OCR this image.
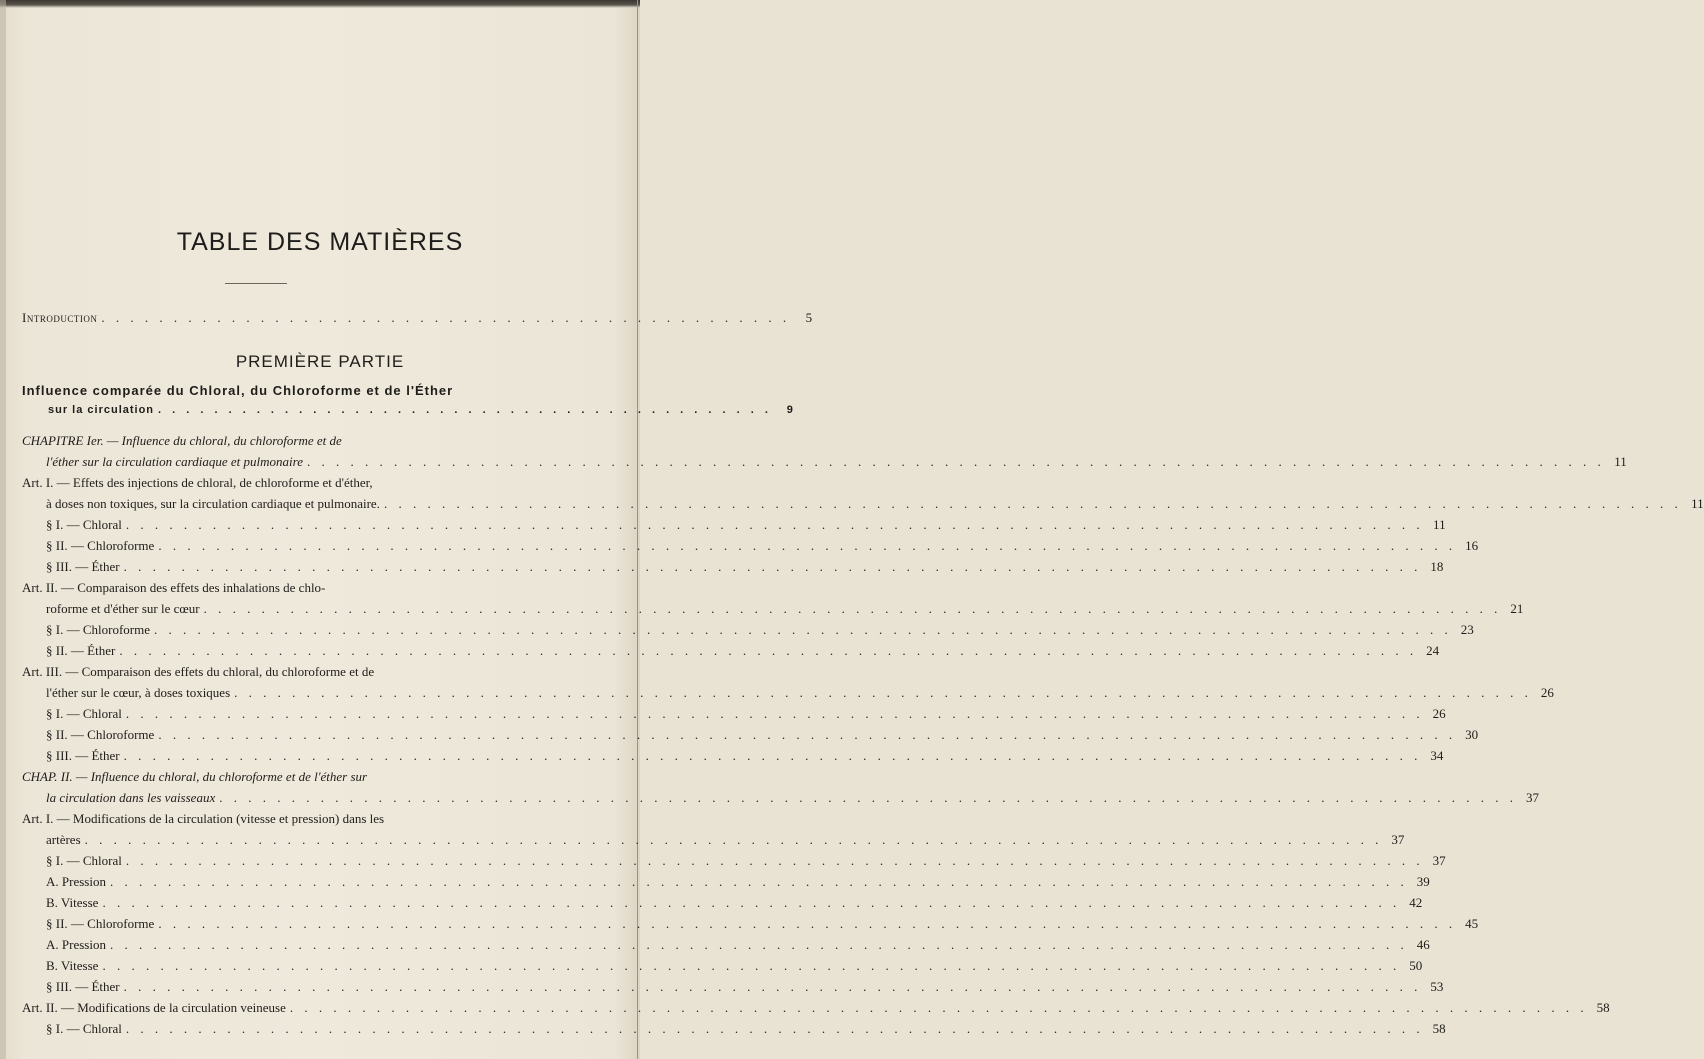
TABLE DES MATIÈRES
Introduction . . . . . . . . . . . . . . . . . . . . . . . . . . . . . . . . . . . . . . . . . . . . . . . .	5
PREMIÈRE PARTIE
Influence comparée du Chloral, du Chloroforme et de l'Éther
sur la circulation . . . . . . . . . . . . . . . . . . . . . . . . . . . . . . . . . . . . . . . . . . . .	9
CHAPITRE Ier. — Influence du chloral, du chloroforme et de
l'éther sur la circulation cardiaque et pulmonaire . . . . . . . . . . . . . . . . . . . . . . . . . . . . . . . . . . . . . . . . . . . . . . . . . . . . . . . . . . . . . . . . . . . . . . . . . . . . . . . . . . . . . . . . . . 11
Art. I. — Effets des injections de chloral, de chloroforme et d'éther,
à doses non toxiques, sur la circulation cardiaque et pulmonaire. . . . . . . . . . . . . . . . . . . . . . . . . . . . . . . . . . . . . . . . . . . . . . . . . . . . . . . . . . . . . . . . . . . . . . . . . . . . . . . . . . . . . . . . . . . 11
§ I. — Chloral . . . . . . . . . . . . . . . . . . . . . . . . . . . . . . . . . . . . . . . . . . . . . . . . . . . . . . . . . . . . . . . . . . . . . . . . . . . . . . . . . . . . . . . . . . 11
§ II. — Chloroforme . . . . . . . . . . . . . . . . . . . . . . . . . . . . . . . . . . . . . . . . . . . . . . . . . . . . . . . . . . . . . . . . . . . . . . . . . . . . . . . . . . . . . . . . . . 16
§ III. — Éther . . . . . . . . . . . . . . . . . . . . . . . . . . . . . . . . . . . . . . . . . . . . . . . . . . . . . . . . . . . . . . . . . . . . . . . . . . . . . . . . . . . . . . . . . . 18
Art. II. — Comparaison des effets des inhalations de chlo-
roforme et d'éther sur le cœur . . . . . . . . . . . . . . . . . . . . . . . . . . . . . . . . . . . . . . . . . . . . . . . . . . . . . . . . . . . . . . . . . . . . . . . . . . . . . . . . . . . . . . . . . . 21
§ I. — Chloroforme . . . . . . . . . . . . . . . . . . . . . . . . . . . . . . . . . . . . . . . . . . . . . . . . . . . . . . . . . . . . . . . . . . . . . . . . . . . . . . . . . . . . . . . . . . 23
§ II. — Éther . . . . . . . . . . . . . . . . . . . . . . . . . . . . . . . . . . . . . . . . . . . . . . . . . . . . . . . . . . . . . . . . . . . . . . . . . . . . . . . . . . . . . . . . . . 24
Art. III. — Comparaison des effets du chloral, du chloroforme et de
l'éther sur le cœur, à doses toxiques . . . . . . . . . . . . . . . . . . . . . . . . . . . . . . . . . . . . . . . . . . . . . . . . . . . . . . . . . . . . . . . . . . . . . . . . . . . . . . . . . . . . . . . . . . 26
§ I. — Chloral . . . . . . . . . . . . . . . . . . . . . . . . . . . . . . . . . . . . . . . . . . . . . . . . . . . . . . . . . . . . . . . . . . . . . . . . . . . . . . . . . . . . . . . . . . 26
§ II. — Chloroforme . . . . . . . . . . . . . . . . . . . . . . . . . . . . . . . . . . . . . . . . . . . . . . . . . . . . . . . . . . . . . . . . . . . . . . . . . . . . . . . . . . . . . . . . . . 30
§ III. — Éther . . . . . . . . . . . . . . . . . . . . . . . . . . . . . . . . . . . . . . . . . . . . . . . . . . . . . . . . . . . . . . . . . . . . . . . . . . . . . . . . . . . . . . . . . . 34
CHAP. II. — Influence du chloral, du chloroforme et de l'éther sur
la circulation dans les vaisseaux . . . . . . . . . . . . . . . . . . . . . . . . . . . . . . . . . . . . . . . . . . . . . . . . . . . . . . . . . . . . . . . . . . . . . . . . . . . . . . . . . . . . . . . . . . 37
Art. I. — Modifications de la circulation (vitesse et pression) dans les
artères . . . . . . . . . . . . . . . . . . . . . . . . . . . . . . . . . . . . . . . . . . . . . . . . . . . . . . . . . . . . . . . . . . . . . . . . . . . . . . . . . . . . . . . . . . 37
§ I. — Chloral . . . . . . . . . . . . . . . . . . . . . . . . . . . . . . . . . . . . . . . . . . . . . . . . . . . . . . . . . . . . . . . . . . . . . . . . . . . . . . . . . . . . . . . . . . 37
A. Pression . . . . . . . . . . . . . . . . . . . . . . . . . . . . . . . . . . . . . . . . . . . . . . . . . . . . . . . . . . . . . . . . . . . . . . . . . . . . . . . . . . . . . . . . . . 39
B. Vitesse . . . . . . . . . . . . . . . . . . . . . . . . . . . . . . . . . . . . . . . . . . . . . . . . . . . . . . . . . . . . . . . . . . . . . . . . . . . . . . . . . . . . . . . . . . 42
§ II. — Chloroforme . . . . . . . . . . . . . . . . . . . . . . . . . . . . . . . . . . . . . . . . . . . . . . . . . . . . . . . . . . . . . . . . . . . . . . . . . . . . . . . . . . . . . . . . . . 45
A. Pression . . . . . . . . . . . . . . . . . . . . . . . . . . . . . . . . . . . . . . . . . . . . . . . . . . . . . . . . . . . . . . . . . . . . . . . . . . . . . . . . . . . . . . . . . . 46
B. Vitesse . . . . . . . . . . . . . . . . . . . . . . . . . . . . . . . . . . . . . . . . . . . . . . . . . . . . . . . . . . . . . . . . . . . . . . . . . . . . . . . . . . . . . . . . . . 50
§ III. — Éther . . . . . . . . . . . . . . . . . . . . . . . . . . . . . . . . . . . . . . . . . . . . . . . . . . . . . . . . . . . . . . . . . . . . . . . . . . . . . . . . . . . . . . . . . . 53
Art. II. — Modifications de la circulation veineuse . . . . . . . . . . . . . . . . . . . . . . . . . . . . . . . . . . . . . . . . . . . . . . . . . . . . . . . . . . . . . . . . . . . . . . . . . . . . . . . . . . . . . . . . . . 58
§ I. — Chloral . . . . . . . . . . . . . . . . . . . . . . . . . . . . . . . . . . . . . . . . . . . . . . . . . . . . . . . . . . . . . . . . . . . . . . . . . . . . . . . . . . . . . . . . . . 58
